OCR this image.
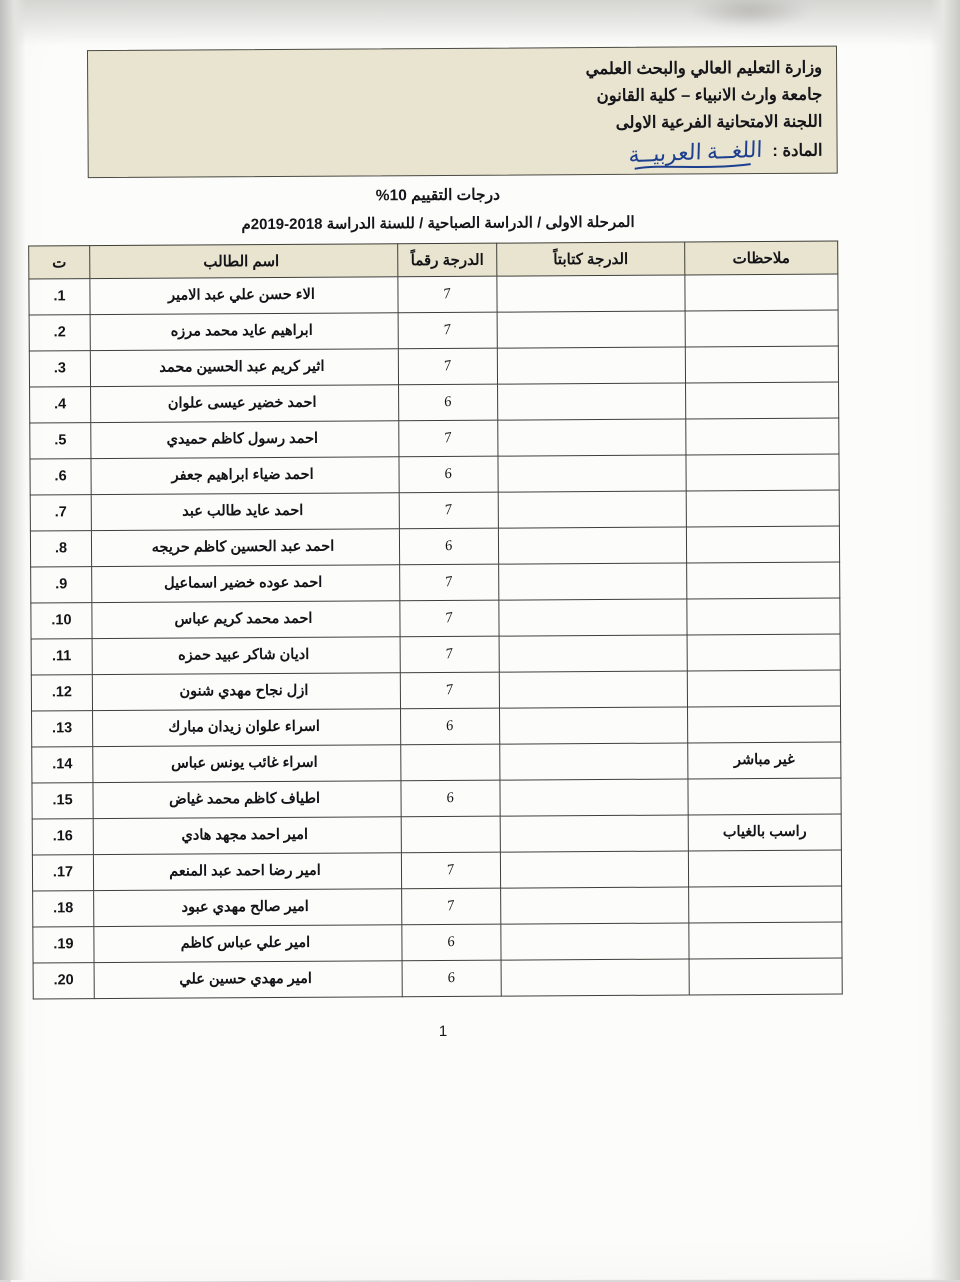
وزارة التعليم العالي والبحث العلمي
جامعة وارث الانبياء – كلية القانون
اللجنة الامتحانية الفرعية الاولى
المادة :
اللغــة العربيــة
درجات التقييم 10%
المرحلة الاولى / الدراسة الصباحية / للسنة الدراسة 2018-2019م
ملاحظات	الدرجة كتابتاً	الدرجة رقماً	اسم الطالب	ت
		7	الاء حسن علي عبد الامير	.1
		7	ابراهيم عايد محمد مرزه	.2
		7	اثير كريم عبد الحسين محمد	.3
		6	احمد خضير عيسى علوان	.4
		7	احمد رسول كاظم حميدي	.5
		6	احمد ضياء ابراهيم جعفر	.6
		7	احمد عايد طالب عبد	.7
		6	احمد عبد الحسين كاظم حريجه	.8
		7	احمد عوده خضير اسماعيل	.9
		7	احمد محمد كريم عباس	.10
		7	اديان شاكر عبيد حمزه	.11
		7	ازل نجاح مهدي شنون	.12
		6	اسراء علوان زيدان مبارك	.13
غير مباشر			اسراء غائب يونس عباس	.14
		6	اطياف كاظم محمد غياض	.15
راسب بالغياب			امير احمد مجهد هادي	.16
		7	امير رضا احمد عبد المنعم	.17
		7	امير صالح مهدي عبود	.18
		6	امير علي عباس كاظم	.19
		6	امير مهدي حسين علي	.20
1
